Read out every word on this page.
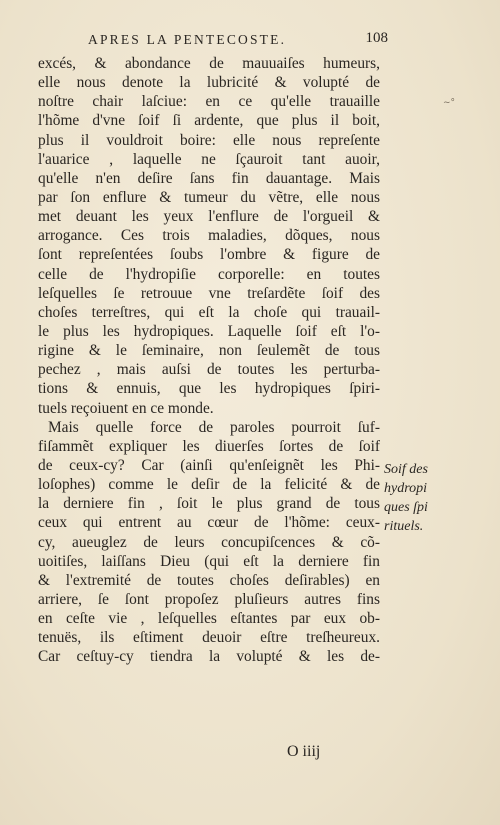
APRES LA PENTECOSTE.	108
~°
excés, & abondance de mauuaiſes humeurs,
elle nous denote la lubricité & volupté de
noſtre chair laſciue: en ce qu'elle trauaille
l'hõme d'vne ſoif ſi ardente, que plus il boit,
plus il vouldroit boire: elle nous repreſente
l'auarice , laquelle ne ſçauroit tant auoir,
qu'elle n'en deſire ſans fin dauantage. Mais
par ſon enflure & tumeur du vẽtre, elle nous
met deuant les yeux l'enflure de l'orgueil &
arrogance. Ces trois maladies, dõques, nous
ſont repreſentées ſoubs l'ombre & figure de
celle de l'hydropiſie corporelle: en toutes
leſquelles ſe retrouue vne treſardẽte ſoif des
choſes terreſtres, qui eſt la choſe qui trauail-
le plus les hydropiques. Laquelle ſoif eſt l'o-
rigine & le ſeminaire, non ſeulemẽt de tous
pechez , mais auſsi de toutes les perturba-
tions & ennuis, que les hydropiques ſpiri-
tuels reçoiuent en ce monde.
Mais quelle force de paroles pourroit ſuf-
fiſammẽt expliquer les diuerſes ſortes de ſoif
de ceux-cy? Car (ainſi qu'enſeignẽt les Phi-
loſophes) comme le deſir de la felicité & de
la derniere fin , ſoit le plus grand de tous
ceux qui entrent au cœur de l'hõme: ceux-
cy, aueuglez de leurs concupiſcences & cõ-
uoitiſes, laiſſans Dieu (qui eſt la derniere fin
& l'extremité de toutes choſes deſirables) en
arriere, ſe ſont propoſez pluſieurs autres fins
en ceſte vie , leſquelles eſtantes par eux ob-
tenuës, ils eſtiment deuoir eſtre treſheureux.
Car ceſtuy-cy tiendra la volupté & les de-
Soif des
hydropi
ques ſpi
rituels.
O iiij
